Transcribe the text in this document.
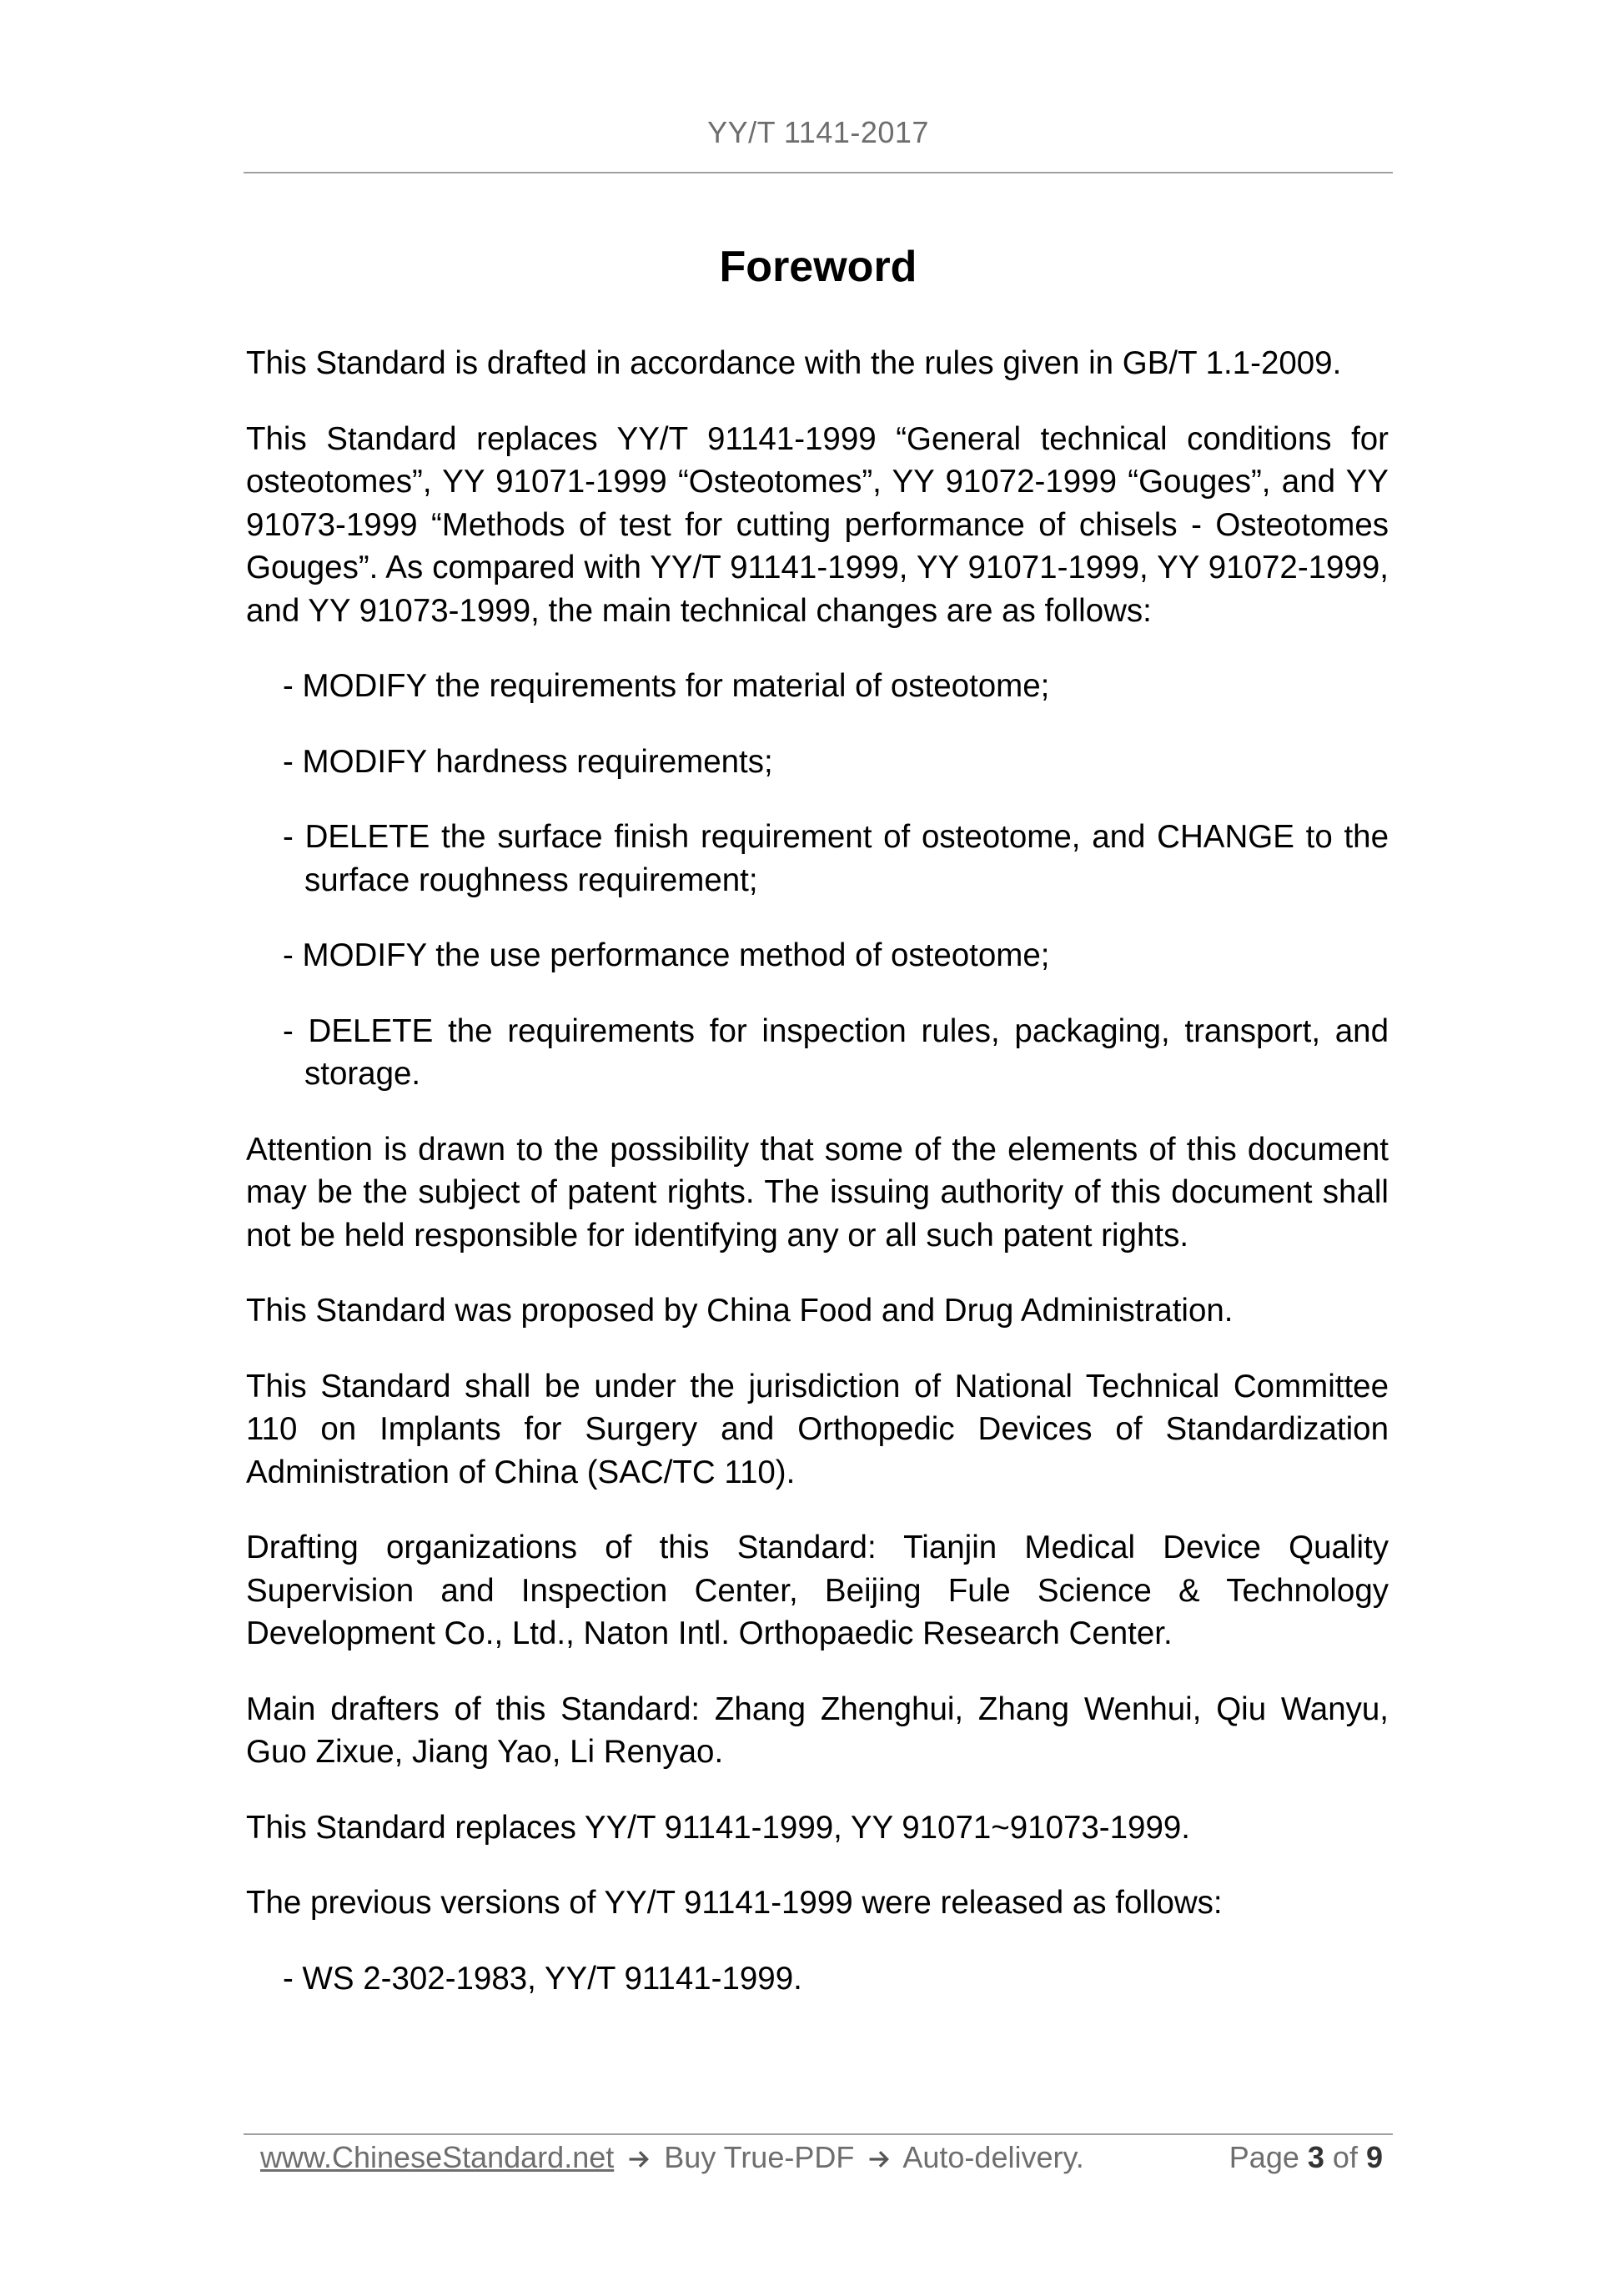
YY/T 1141-2017
Foreword

This Standard is drafted in accordance with the rules given in GB/T 1.1-2009.

This Standard replaces YY/T 91141-1999 “General technical conditions for osteotomes”, YY 91071-1999 “Osteotomes”, YY 91072-1999 “Gouges”, and YY 91073-1999 “Methods of test for cutting performance of chisels - Osteotomes Gouges”. As compared with YY/T 91141-1999, YY 91071-1999, YY 91072-1999, and YY 91073-1999, the main technical changes are as follows:

- MODIFY the requirements for material of osteotome;
- MODIFY hardness requirements;
- DELETE the surface finish requirement of osteotome, and CHANGE to the surface roughness requirement;
- MODIFY the use performance method of osteotome;
- DELETE the requirements for inspection rules, packaging, transport, and storage.

Attention is drawn to the possibility that some of the elements of this document may be the subject of patent rights. The issuing authority of this document shall not be held responsible for identifying any or all such patent rights.

This Standard was proposed by China Food and Drug Administration.

This Standard shall be under the jurisdiction of National Technical Committee 110 on Implants for Surgery and Orthopedic Devices of Standardization Administration of China (SAC/TC 110).

Drafting organizations of this Standard: Tianjin Medical Device Quality Supervision and Inspection Center, Beijing Fule Science & Technology Development Co., Ltd., Naton Intl. Orthopaedic Research Center.

Main drafters of this Standard: Zhang Zhenghui, Zhang Wenhui, Qiu Wanyu, Guo Zixue, Jiang Yao, Li Renyao.

This Standard replaces YY/T 91141-1999, YY 91071~91073-1999.

The previous versions of YY/T 91141-1999 were released as follows:

- WS 2-302-1983, YY/T 91141-1999.
www.ChineseStandard.net Buy True-PDF Auto-delivery.	Page 3 of 9
